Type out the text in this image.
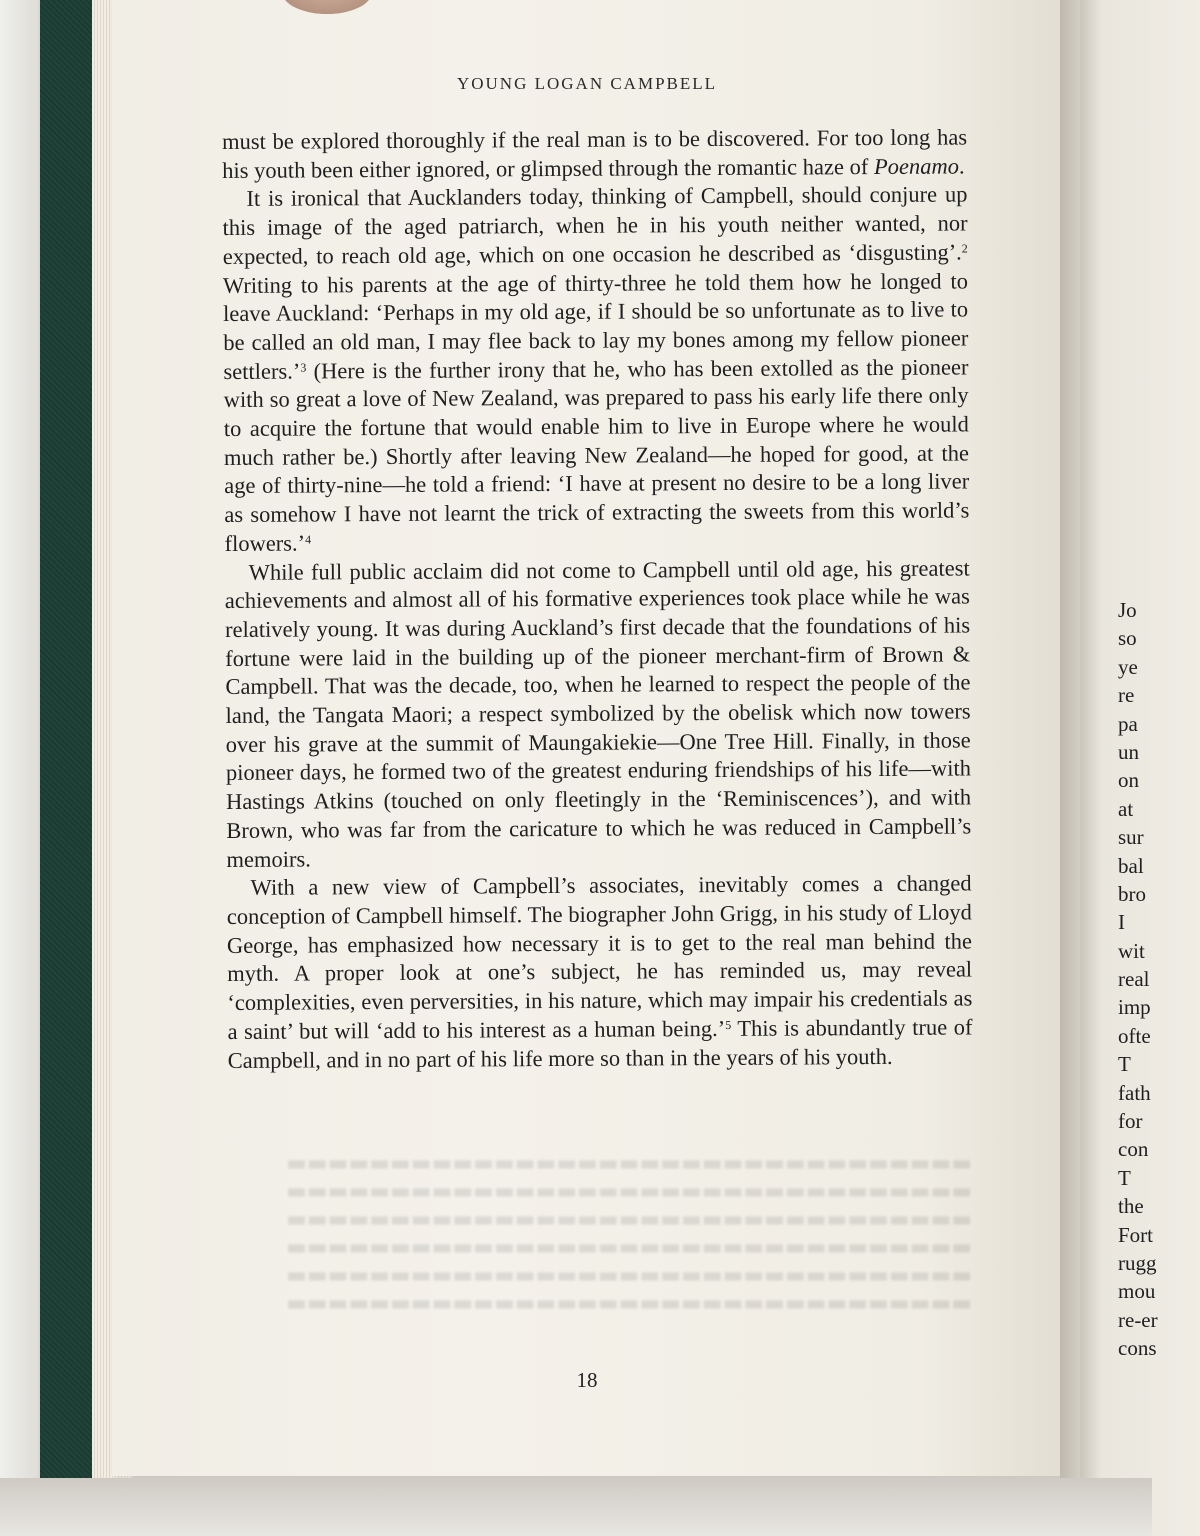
▬▬▬▬▬▬▬▬▬▬▬▬▬▬▬▬▬▬▬▬▬▬▬▬▬▬▬▬▬▬▬▬▬
▬▬▬▬▬▬▬▬▬▬▬▬▬▬▬▬▬▬▬▬▬▬▬▬▬▬▬▬▬▬▬▬▬
▬▬▬▬▬▬▬▬▬▬▬▬▬▬▬▬▬▬▬▬▬▬▬▬▬▬▬▬▬▬▬▬▬
▬▬▬▬▬▬▬▬▬▬▬▬▬▬▬▬▬▬▬▬▬▬▬▬▬▬▬▬▬▬▬▬▬
▬▬▬▬▬▬▬▬▬▬▬▬▬▬▬▬▬▬▬▬▬▬▬▬▬▬▬▬▬▬▬▬▬
▬▬▬▬▬▬▬▬▬▬▬▬▬▬▬▬▬▬▬▬▬▬▬▬▬▬▬▬▬▬▬▬▬
YOUNG LOGAN CAMPBELL

must be explored thoroughly if the real man is to be discovered. For too long has his youth been either ignored, or glimpsed through the romantic haze of Poenamo.

It is ironical that Aucklanders today, thinking of Campbell, should conjure up this image of the aged patriarch, when he in his youth neither wanted, nor expected, to reach old age, which on one occasion he described as ‘disgusting’.$^2$ Writing to his parents at the age of thirty-three he told them how he longed to leave Auckland: ‘Perhaps in my old age, if I should be so unfortunate as to live to be called an old man, I may flee back to lay my bones among my fellow pioneer settlers.’$^3$ (Here is the further irony that he, who has been extolled as the pioneer with so great a love of New Zealand, was prepared to pass his early life there only to acquire the fortune that would enable him to live in Europe where he would much rather be.) Shortly after leaving New Zealand—he hoped for good, at the age of thirty-nine—he told a friend: ‘I have at present no desire to be a long liver as somehow I have not learnt the trick of extracting the sweets from this world’s flowers.’$^4$

While full public acclaim did not come to Campbell until old age, his greatest achievements and almost all of his formative experiences took place while he was relatively young. It was during Auckland’s first decade that the foundations of his fortune were laid in the building up of the pioneer merchant-firm of Brown & Campbell. That was the decade, too, when he learned to respect the people of the land, the Tangata Maori; a respect symbolized by the obelisk which now towers over his grave at the summit of Maungakiekie—One Tree Hill. Finally, in those pioneer days, he formed two of the greatest enduring friendships of his life—with Hastings Atkins (touched on only fleetingly in the ‘Reminiscences’), and with Brown, who was far from the caricature to which he was reduced in Campbell’s memoirs.

With a new view of Campbell’s associates, inevitably comes a changed conception of Campbell himself. The biographer John Grigg, in his study of Lloyd George, has emphasized how necessary it is to get to the real man behind the myth. A proper look at one’s subject, he has reminded us, may reveal ‘complexities, even perversities, in his nature, which may impair his credentials as a saint’ but will ‘add to his interest as a human being.’$^5$ This is abundantly true of Campbell, and in no part of his life more so than in the years of his youth.

18
Jo
so
ye
re
pa
un
on
at
sur
bal
bro
I
wit
real
imp
ofte
T
fath
for
con
T
the
Fort
rugg
mou
re-er
cons
